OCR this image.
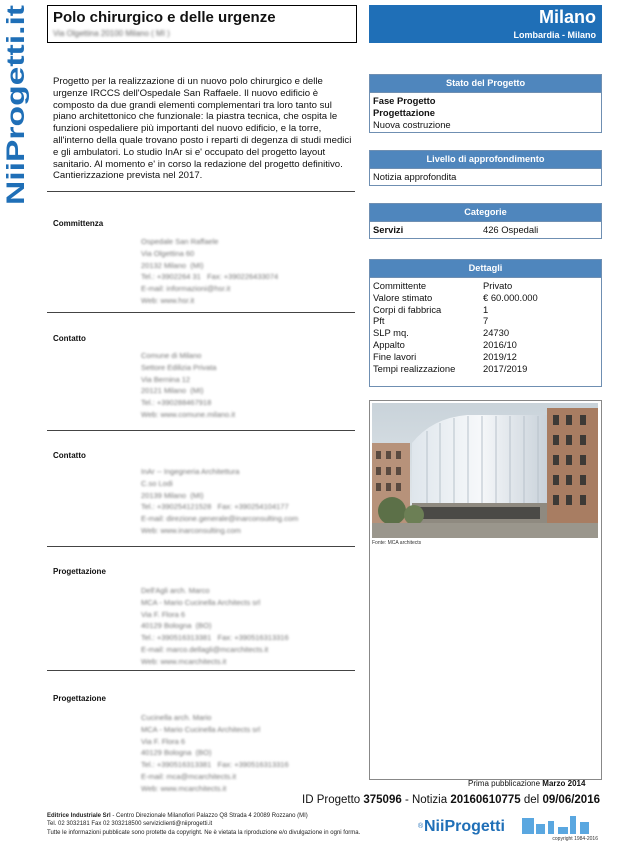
NiiProgetti.it
Polo chirurgico e delle urgenze
Via Olgettina 20100 Milano ( MI )
Milano
Lombardia - Milano
Progetto per la realizzazione di un nuovo polo chirurgico e delle urgenze IRCCS dell'Ospedale San Raffaele. Il nuovo edificio è composto da due grandi elementi complementari tra loro tanto sul piano architettonico che funzionale: la piastra tecnica, che ospita le funzioni ospedaliere più importanti del nuovo edificio, e la torre, all'interno della quale trovano posto i reparti di degenza di studi medici e gli ambulatori. Lo studio InAr si e' occupato del progetto layout sanitario. Al momento e' in corso la redazione del progetto definitivo. Cantierizzazione prevista nel 2017.
Committenza
Ospedale San Raffaele
Via Olgettina 60
20132 Milano  (MI)
Tel.: +3902264 31   Fax: +390226433074
E-mail: informazioni@hsr.it
Web: www.hsr.it
Contatto
Comune di Milano
Settore Edilizia Privata
Via Bernina 12
20121 Milano  (MI)
Tel.: +390288467918
Web: www.comune.milano.it
Contatto
InAr -- Ingegneria Architettura
C.so Lodi
20139 Milano  (MI)
Tel.: +390254121528   Fax: +390254104177
E-mail: direzione.generale@inarconsulting.com
Web: www.inarconsulting.com
Progettazione
Dell'Agli arch. Marco
MCA - Mario Cucinella Architects srl
Via F. Flora 6
40129 Bologna  (BO)
Tel.: +390516313381   Fax: +390516313316
E-mail: marco.dellagli@mcarchitects.it
Web: www.mcarchitects.it
Progettazione
Cucinella arch. Mario
MCA - Mario Cucinella Architects srl
Via F. Flora 6
40129 Bologna  (BO)
Tel.: +390516313381   Fax: +390516313316
E-mail: mca@mcarchitects.it
Web: www.mcarchitects.it
Stato del Progetto
Fase Progetto
Progettazione
Nuova costruzione
Livello di approfondimento
Notizia approfondita
Categorie
Servizi	426 Ospedali
Dettagli
Committente	Privato
Valore stimato	€ 60.000.000
Corpi di fabbrica	1
Pft	7
SLP mq.	24730
Appalto	2016/10
Fine lavori	2019/12
Tempi realizzazione	2017/2019
Fonte: MCA architects
Prima pubblicazione Marzo 2014
ID Progetto 375096 - Notizia 20160610775 del 09/06/2016
Editrice Industriale Srl - Centro Direzionale Milanofiori Palazzo Q8 Strada 4 20089 Rozzano (MI)
Tel. 02 3032181 Fax 02 303218500 serviziclienti@niiprogetti.it
Tutte le informazioni pubblicate sono protette da copyright. Ne è vietata la riproduzione e/o divulgazione in ogni forma.
® NiiProgetti
copyright 1984-2016
